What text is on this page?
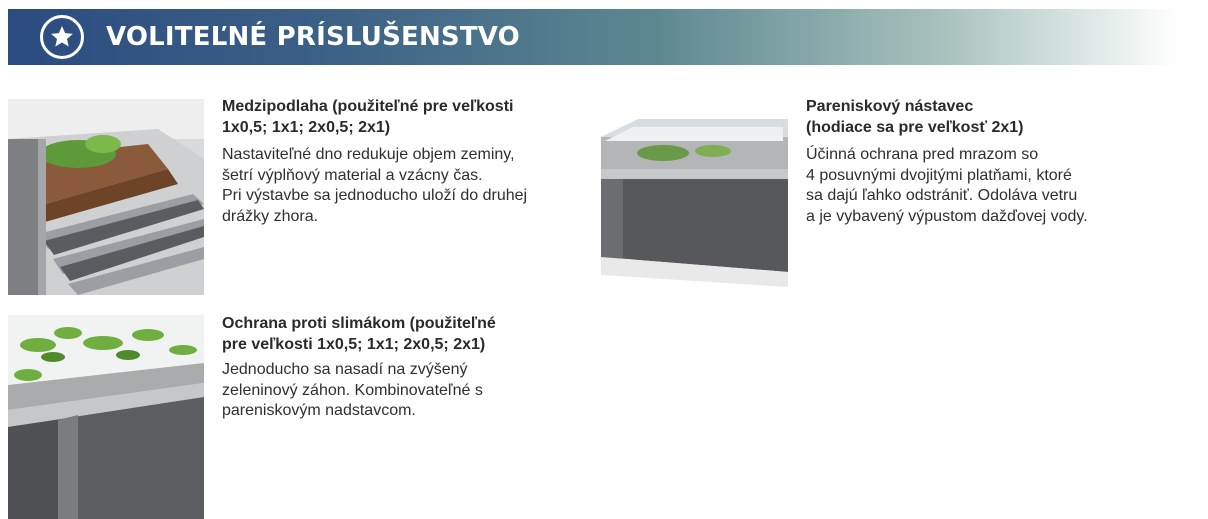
VOLITEĽNÉ PRÍSLUŠENSTVO
Medzipodlaha (použiteľné pre veľkosti
1x0,5; 1x1; 2x0,5; 2x1)
Nastaviteľné dno redukuje objem zeminy,
šetrí výplňový material a vzácny čas.
Pri výstavbe sa jednoducho uloží do druhej
drážky zhora.
Pareniskový nástavec
(hodiace sa pre veľkosť 2x1)
Účinná ochrana pred mrazom so
4 posuvnými dvojitými platňami, ktoré
sa dajú ľahko odstrániť. Odoláva vetru
a je vybavený výpustom dažďovej vody.
Ochrana proti slimákom (použiteľné
pre veľkosti 1x0,5; 1x1; 2x0,5; 2x1)
Jednoducho sa nasadí na zvýšený
zeleninový záhon. Kombinovateľné s
pareniskovým nadstavcom.
